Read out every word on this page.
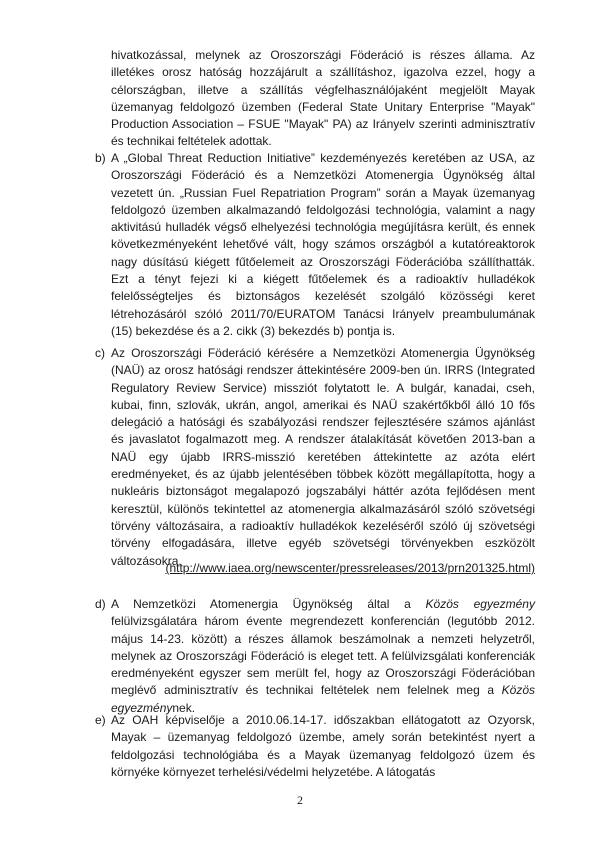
hivatkozással, melynek az Oroszországi Föderáció is részes állama. Az illetékes orosz hatóság hozzájárult a szállításhoz, igazolva ezzel, hogy a célországban, illetve a szállítás végfelhasználójaként megjelölt Mayak üzemanyag feldolgozó üzemben (Federal State Unitary Enterprise "Mayak" Production Association – FSUE "Mayak" PA) az Irányelv szerinti adminisztratív és technikai feltételek adottak.
b) A „Global Threat Reduction Initiative” kezdeményezés keretében az USA, az Oroszországi Föderáció és a Nemzetközi Atomenergia Ügynökség által vezetett ún. „Russian Fuel Repatriation Program” során a Mayak üzemanyag feldolgozó üzemben alkalmazandó feldolgozási technológia, valamint a nagy aktivitású hulladék végső elhelyezési technológia megújításra került, és ennek következményeként lehetővé vált, hogy számos országból a kutatóreaktorok nagy dúsítású kiégett fűtőelemeit az Oroszországi Föderációba szállíthatták. Ezt a tényt fejezi ki a kiégett fűtőelemek és a radioaktív hulladékok felelősségteljes és biztonságos kezelését szolgáló közösségi keret létrehozásáról szóló 2011/70/EURATOM Tanácsi Irányelv preambulumának (15) bekezdése és a 2. cikk (3) bekezdés b) pontja is.
c) Az Oroszországi Föderáció kérésére a Nemzetközi Atomenergia Ügynökség (NAÜ) az orosz hatósági rendszer áttekintésére 2009-ben ún. IRRS (Integrated Regulatory Review Service) missziót folytatott le. A bulgár, kanadai, cseh, kubai, finn, szlovák, ukrán, angol, amerikai és NAÜ szakértőkből álló 10 fős delegáció a hatósági és szabályozási rendszer fejlesztésére számos ajánlást és javaslatot fogalmazott meg. A rendszer átalakítását követően 2013-ban a NAÜ egy újabb IRRS-misszió keretében áttekintette az azóta elért eredményeket, és az újabb jelentésében többek között megállapította, hogy a nukleáris biztonságot megalapozó jogszabályi háttér azóta fejlődésen ment keresztül, különös tekintettel az atomenergia alkalmazásáról szóló szövetségi törvény változásaira, a radioaktív hulladékok kezeléséről szóló új szövetségi törvény elfogadására, illetve egyéb szövetségi törvényekben eszközölt változásokra.
(http://www.iaea.org/newscenter/pressreleases/2013/prn201325.html)
d) A Nemzetközi Atomenergia Ügynökség által a Közös egyezmény felülvizsgálatára három évente megrendezett konferencián (legutóbb 2012. május 14-23. között) a részes államok beszámolnak a nemzeti helyzetről, melynek az Oroszországi Föderáció is eleget tett. A felülvizsgálati konferenciák eredményeként egyszer sem merült fel, hogy az Oroszországi Föderációban meglévő adminisztratív és technikai feltételek nem felelnek meg a Közös egyezménynek.
e) Az OAH képviselője a 2010.06.14-17. időszakban ellátogatott az Ozyorsk, Mayak – üzemanyag feldolgozó üzembe, amely során betekintést nyert a feldolgozási technológiába és a Mayak üzemanyag feldolgozó üzem és környéke környezet terhelési/védelmi helyzetébe. A látogatás
2
